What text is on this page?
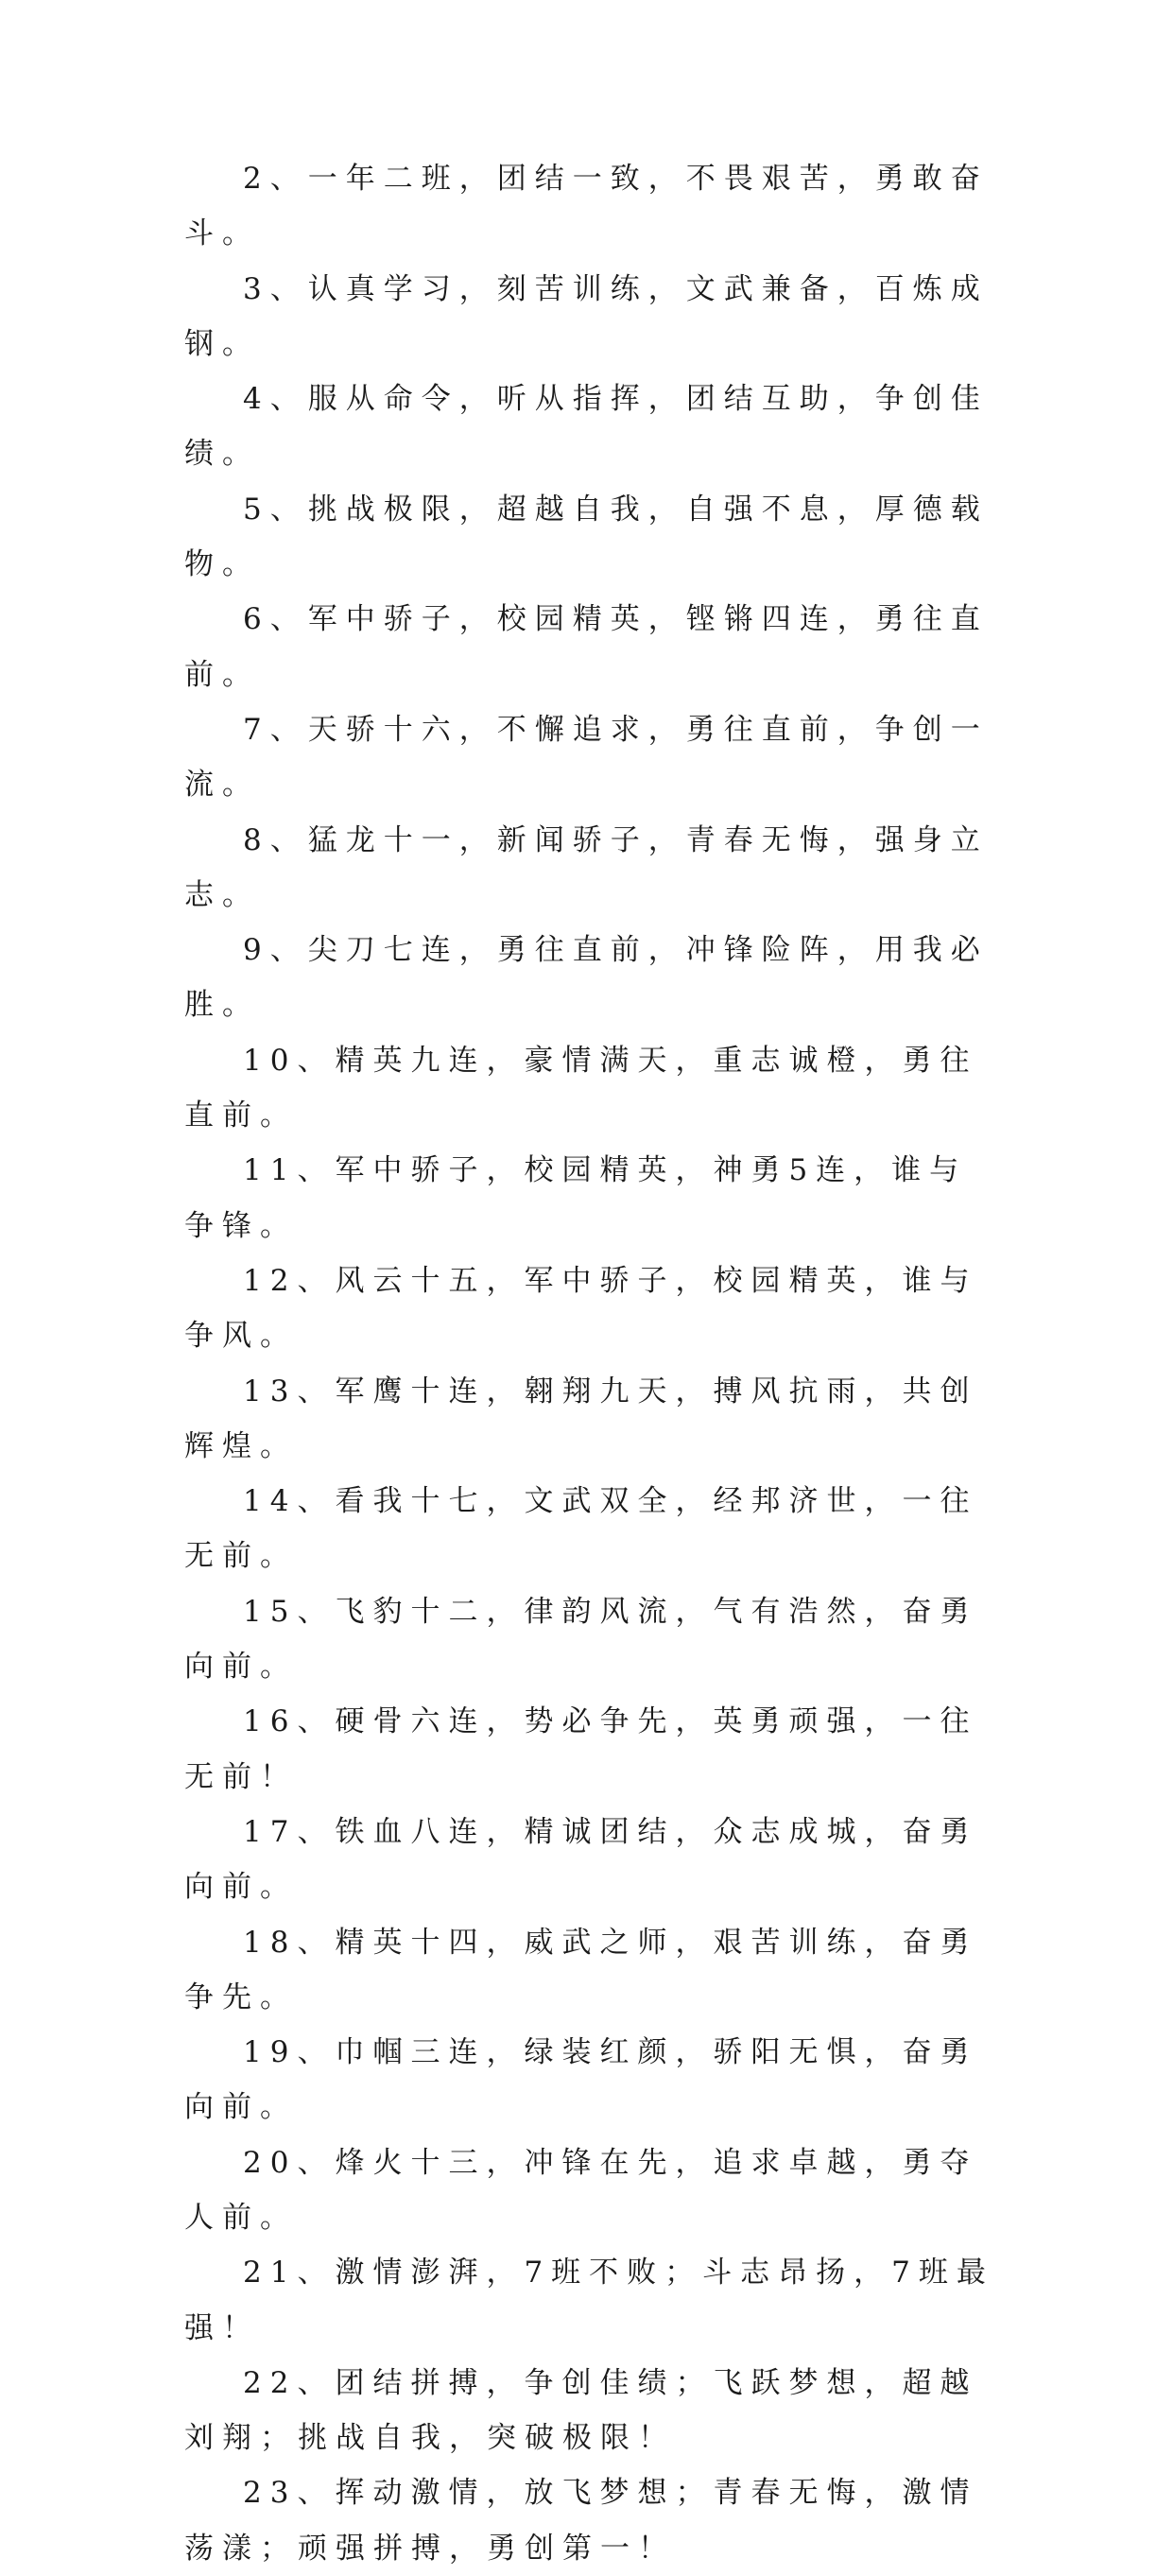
2、一年二班，团结一致，不畏艰苦，勇敢奋斗。

3、认真学习，刻苦训练，文武兼备，百炼成钢。

4、服从命令，听从指挥，团结互助，争创佳绩。

5、挑战极限，超越自我，自强不息，厚德载物。

6、军中骄子，校园精英，铿锵四连，勇往直前。

7、天骄十六，不懈追求，勇往直前，争创一流。

8、猛龙十一，新闻骄子，青春无悔，强身立志。

9、尖刀七连，勇往直前，冲锋险阵，用我必胜。

10、精英九连，豪情满天，重志诚橙，勇往直前。

11、军中骄子，校园精英，神勇5连，谁与争锋。

12、风云十五，军中骄子，校园精英，谁与争风。

13、军鹰十连，翱翔九天，搏风抗雨，共创辉煌。

14、看我十七，文武双全，经邦济世，一往无前。

15、飞豹十二，律韵风流，气有浩然，奋勇向前。

16、硬骨六连，势必争先，英勇顽强，一往无前！

17、铁血八连，精诚团结，众志成城，奋勇向前。

18、精英十四，威武之师，艰苦训练，奋勇争先。

19、巾帼三连，绿装红颜，骄阳无惧，奋勇向前。

20、烽火十三，冲锋在先，追求卓越，勇夺人前。

21、激情澎湃，7班不败；斗志昂扬，7班最强！

22、团结拼搏，争创佳绩；飞跃梦想，超越刘翔；挑战自我，突破极限！

23、挥动激情，放飞梦想；青春无悔，激情荡漾；顽强拼搏，勇创第一！
